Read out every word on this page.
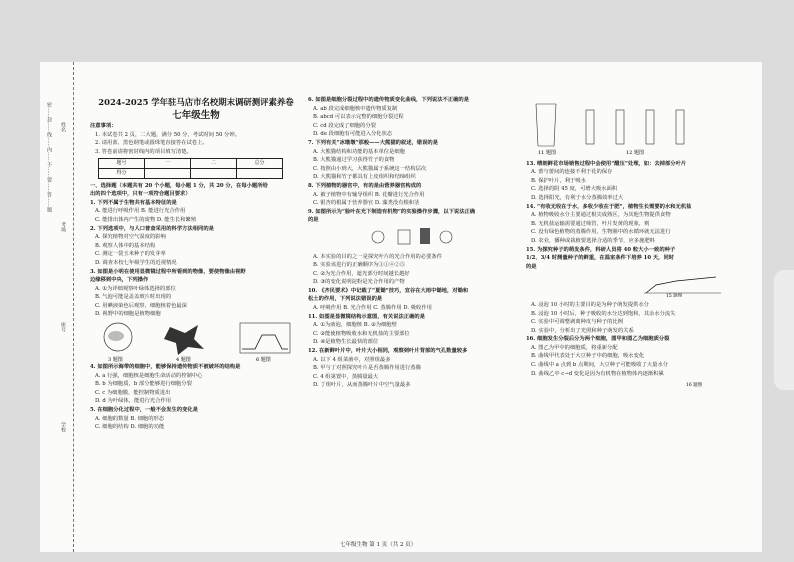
密……封……线……内……不……要……答……题 姓名
考场
座号
学校
2024-2025 学年驻马店市名校期末调研测评素养卷
七年级生物
注意事项：
1. 本试卷共 2 页，二大题，满分 50 分，考试时间 50 分钟。
2. 请用蓝、黑色钢笔或圆珠笔直接答在试卷上。
3. 答卷前请将密封线内的项目填写清楚。
题号	一	二	总分
得分			
一、选择题（本题共有 20 个小题，每小题 1 分，共 20 分，在每小题所给
出的四个选项中，只有一项符合题目要求）
1. 下列不属于生物共有基本特征的是
A. 能进行呼吸作用 B. 能进行光合作用
C. 能排出体内产生的废物 D. 能生长和繁殖
2. 下列选项中，与人口普查采用的科学方法相同的是
A. 探究植物对空气湿度的影响
B. 观察人体中的基本结构
C. 测定一袋玉米种子的发芽率
D. 调查本校七年级学生的近视情况
3. 如图是小明在使用显微镜过程中所看到的物像，要使物像由视野
边缘移到中央，下列操作
A. ①为详细观察叶绿体选择的部位
B. 气泡可能是盖盖玻片时出现的
C. 用碘液染色后观察，细胞核着色最深
D. 视野中的细胞是植物细胞
3 题图	4 题图	6 题图
4. 如图所示海带的细胞中，能够保持遗传物质不被破坏的结构是
A. a 行强，细胞核是细胞生命活动的控制中心
B. b 为细胞质，b 部分能够进行细胞分裂
C. c 为细胞膜，能控制物质进出
D. d 为叶绿体，能进行光合作用
5. 在细胞分化过程中，一般不会发生的变化是
A. 细胞的数量 B. 细胞的形态
C. 细胞的结构 D. 细胞的功能
6. 如图是细胞分裂过程中的遗传物质变化曲线，下列说法不正确的是
A. ab 段完成细胞核中遗传物质复制
B. abcd 可以表示完整的细胞分裂过程
C. cd 段完成了细胞的分裂
D. de 段细胞有可能进入分化状态
7. 下列有关“冰墩墩”那般——大熊猫的叙述，错误的是
A. 大熊猫结构和功能的基本单位是细胞
B. 大熊猫通过学习获得竹子的食物
C. 按照由小到大，大熊猫属于系统这一结构层次
D. 大熊猫和竹子都具有上皮组织和结缔组织
8. 下列植物的器官中，有的是由营养器官构成的
A. 被子植物中有输导组织 B. 花瓣进行光合作用
C. 银杏的根属于营养器官 D. 藻类没有根和茎
9. 如图所示为“验叶在光下制造有机物”的实验操作步骤，以下说法正确
的是
A. 本实验的目的之一是探究叶片的光合作用的必要条件
B. 实验该进行的正确顺序为③①④②⑤
C. ②为光合作用，遮光部分时间越长越好
D. ③的变化说明淀粉是光合作用的产物
10. 《齐民要术》中记载了“夏锄”技巧，宜谷在大雨中锄地，对锄和
松土的作用，下列说法错误的是
A. 呼吸作用 B. 光合作用 C. 蒸腾作用 D. 吸收作用
11. 如图是显微镜结构示意图，有关说法正确的是
A. ①为液泡，细胞核 B. ②为细胞壁
C. ②能使植物吸收水和无机盐的主要部位
D. ④是植物生长最快的部位
12. 在新鲜叶片中，叶片大小相同，观察到叶片背部的气孔数量较多
A. 以下 4 组菜菌中，对照组最多
B. 甲与丁对照探究叶片是否蒸腾作用进行蒸腾
C. 4 组第置中，蒸腾量最大
D. 丁组叶片，从而蒸腾叶片中空气量最多
11 题图	12 题图
13. 晴朗鲜花市场销售过程中会使用“醋压”处理，如：去掉部分叶片
A. 蕾与蕾间的连接不利于花的保存
B. 保护叶片，利于吸水
C. 选择的阴 45 度，可增大吸水面积
D. 选择阳光，有利于水分蒸腾效率过大
14. “有收无收在于水，多收少收在于肥”，植物生长需要的水和无机盐
A. 植物吸收水分主要通过根尖成熟区，为其他生物提供食物
B. 无机盐运输需要通过筛管，叶片发黄的现象，则
C. 没有绿色植物的蒸腾作用，生物圈中的水循环就无法进行
D. 农业，播种或栽植要选择合适的季节，应多施肥料
15. 为探究种子的萌发条件，科研人员将 40 粒大小一致的种子
1/2、3/4 时测量种子的鲜重，在温室条件下培养 10 天，同时
的是
15 题图
A. 浸泡 10 小时的主要目的是为种子萌发提供水分
B. 浸泡 10 小时后，种子吸收的水分达到饱和，其余水分流失
C. 实验中可调整剥离种皮与种子的比例
D. 实验中，分析出了光照和种子萌发的关系
16. 细胞发生分裂后分为两个细胞，图甲和图乙为细胞质分裂
A. 图乙为甲中的细胞质，将重新分配
B. 曲线甲代表处于大豆种子中的细胞，吸水变化
C. 曲线中 a 点到 b 点期间，大豆种子可能吸收了大量水分
D. 曲线乙中 c→d 变化是因为有机物在植物体内逐渐积累
16 题图
七年级生物 第 1 页（共 2 页）
